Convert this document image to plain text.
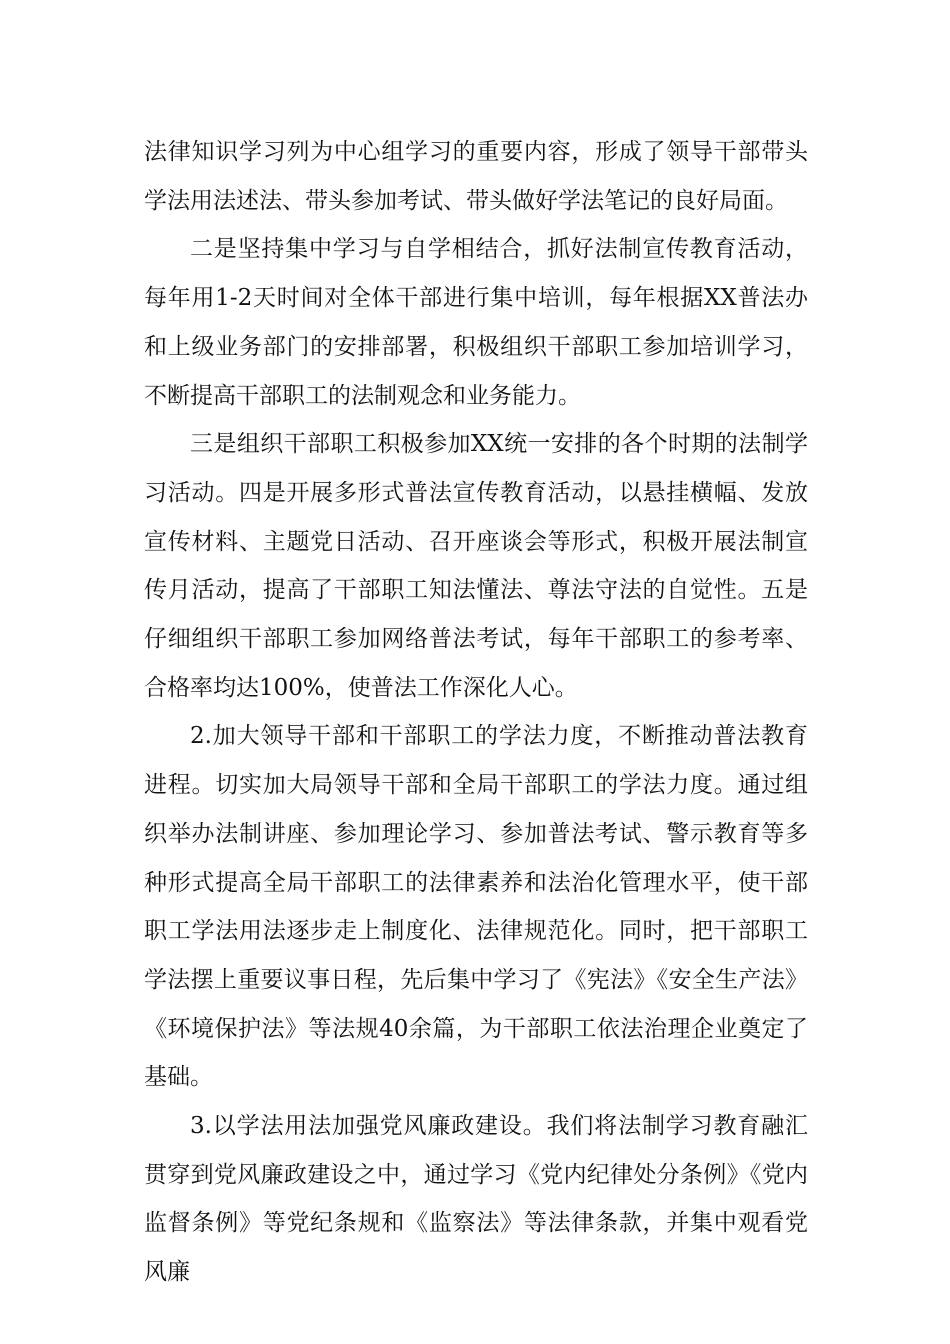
法律知识学习列为中心组学习的重要内容，形成了领导干部带头学法用法述法、带头参加考试、带头做好学法笔记的良好局面。

二是坚持集中学习与自学相结合，抓好法制宣传教育活动，每年用1-2天时间对全体干部进行集中培训，每年根据XX普法办和上级业务部门的安排部署，积极组织干部职工参加培训学习，不断提高干部职工的法制观念和业务能力。

三是组织干部职工积极参加XX统一安排的各个时期的法制学习活动。四是开展多形式普法宣传教育活动，以悬挂横幅、发放宣传材料、主题党日活动、召开座谈会等形式，积极开展法制宣传月活动，提高了干部职工知法懂法、尊法守法的自觉性。五是仔细组织干部职工参加网络普法考试，每年干部职工的参考率、合格率均达100%，使普法工作深化人心。

2.加大领导干部和干部职工的学法力度，不断推动普法教育进程。切实加大局领导干部和全局干部职工的学法力度。通过组织举办法制讲座、参加理论学习、参加普法考试、警示教育等多种形式提高全局干部职工的法律素养和法治化管理水平，使干部职工学法用法逐步走上制度化、法律规范化。同时，把干部职工学法摆上重要议事日程，先后集中学习了《宪法》《安全生产法》《环境保护法》等法规40余篇，为干部职工依法治理企业奠定了基础。

3.以学法用法加强党风廉政建设。我们将法制学习教育融汇贯穿到党风廉政建设之中，通过学习《党内纪律处分条例》《党内监督条例》等党纪条规和《监察法》等法律条款，并集中观看党风廉
